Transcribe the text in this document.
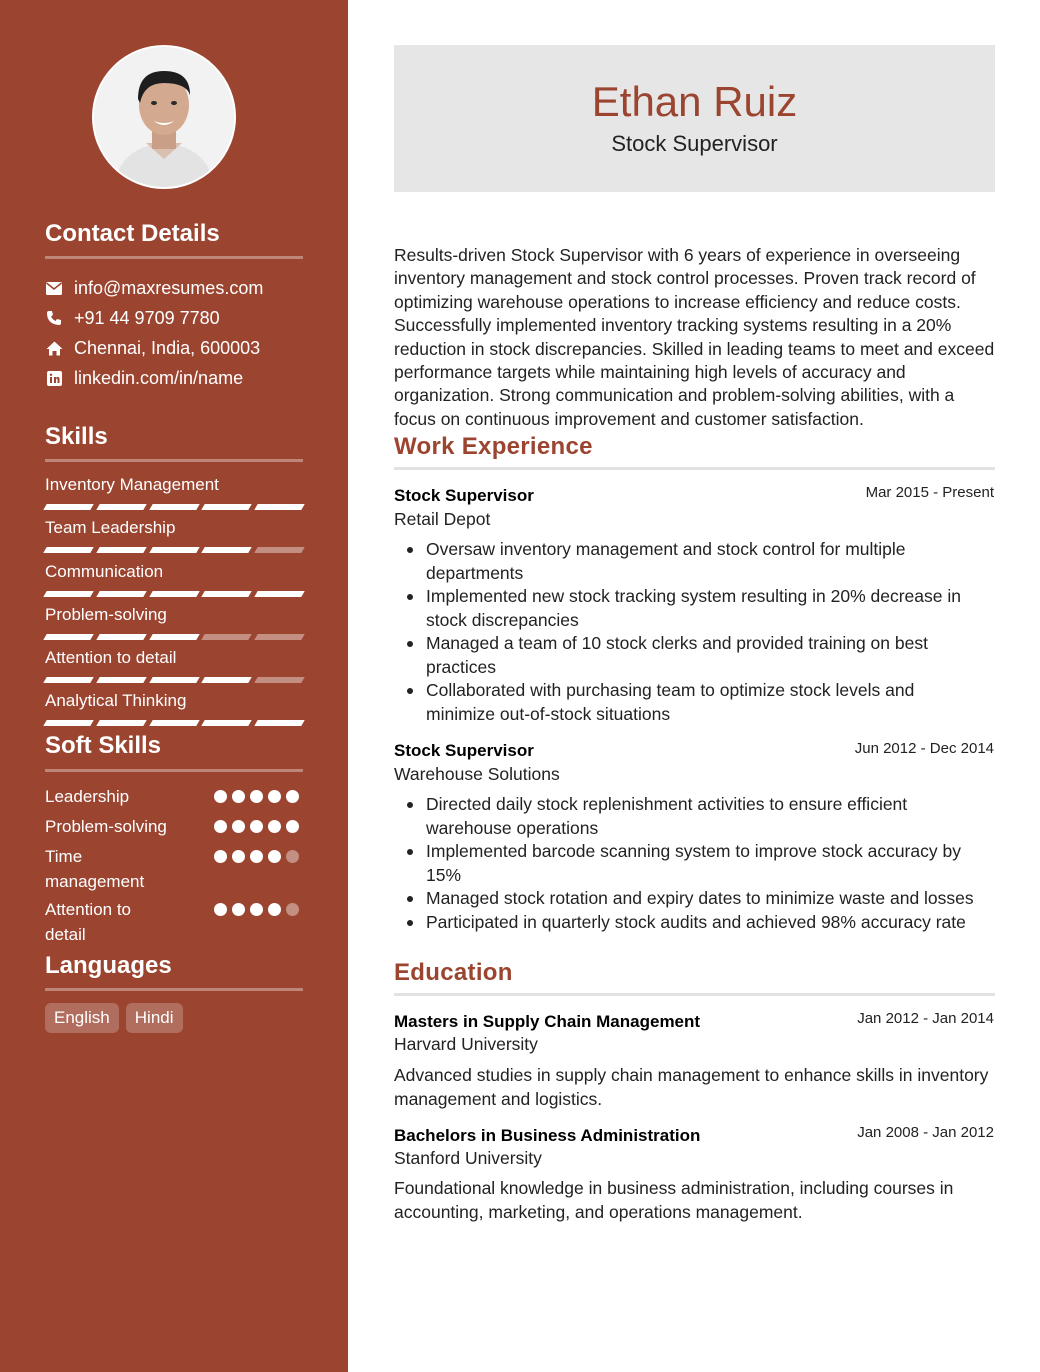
Contact Details
info@maxresumes.com
+91 44 9709 7780
Chennai, India, 600003
linkedin.com/in/name
Skills
Inventory Management
Team Leadership
Communication
Problem-solving
Attention to detail
Analytical Thinking
Soft Skills
Leadership
Problem-solving
Time management
Attention to detail
Languages
English	Hindi
Ethan Ruiz
Stock Supervisor
Results-driven Stock Supervisor with 6 years of experience in overseeing inventory management and stock control processes. Proven track record of optimizing warehouse operations to increase efficiency and reduce costs. Successfully implemented inventory tracking systems resulting in a 20% reduction in stock discrepancies. Skilled in leading teams to meet and exceed performance targets while maintaining high levels of accuracy and organization. Strong communication and problem-solving abilities, with a focus on continuous improvement and customer satisfaction.
Work Experience
Stock Supervisor	Mar 2015 - Present
Retail Depot
Oversaw inventory management and stock control for multiple departments
Implemented new stock tracking system resulting in 20% decrease in stock discrepancies
Managed a team of 10 stock clerks and provided training on best practices
Collaborated with purchasing team to optimize stock levels and minimize out-of-stock situations
Stock Supervisor	Jun 2012 - Dec 2014
Warehouse Solutions
Directed daily stock replenishment activities to ensure efficient warehouse operations
Implemented barcode scanning system to improve stock accuracy by 15%
Managed stock rotation and expiry dates to minimize waste and losses
Participated in quarterly stock audits and achieved 98% accuracy rate
Education
Masters in Supply Chain Management	Jan 2012 - Jan 2014
Harvard University
Advanced studies in supply chain management to enhance skills in inventory management and logistics.
Bachelors in Business Administration	Jan 2008 - Jan 2012
Stanford University
Foundational knowledge in business administration, including courses in accounting, marketing, and operations management.
